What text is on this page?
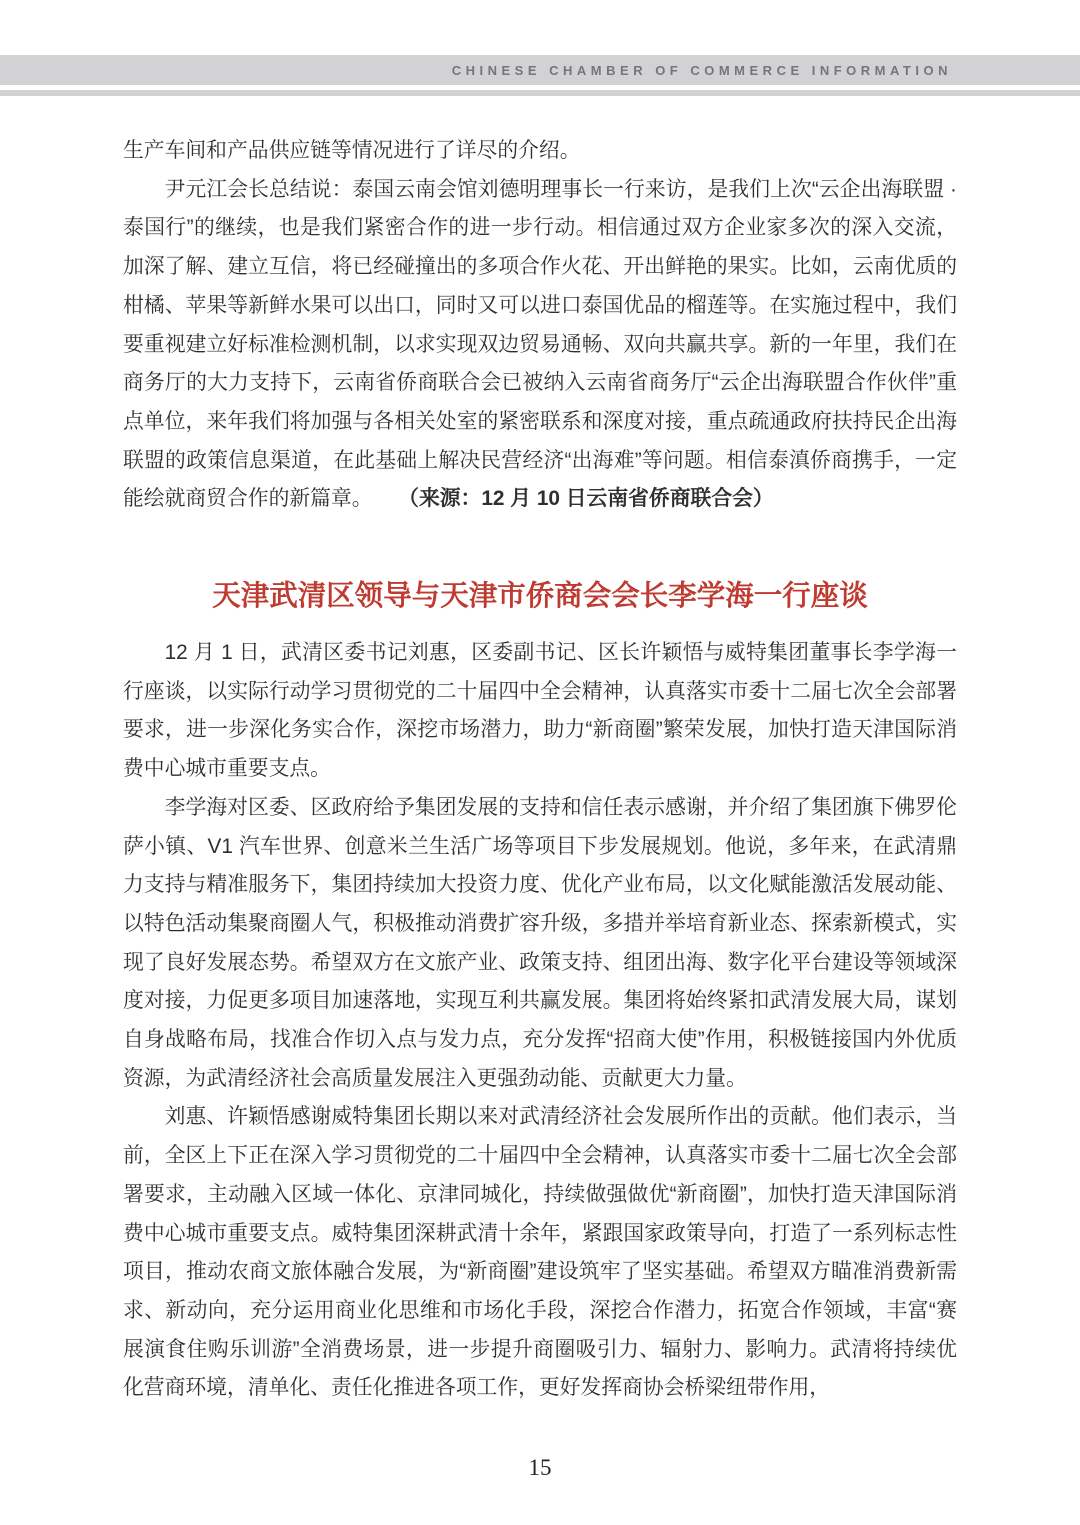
CHINESE CHAMBER OF COMMERCE INFORMATION

生产车间和产品供应链等情况进行了详尽的介绍。

尹元江会长总结说：泰国云南会馆刘德明理事长一行来访，是我们上次“云企出海联盟 · 泰国行”的继续，也是我们紧密合作的进一步行动。相信通过双方企业家多次的深入交流，加深了解、建立互信，将已经碰撞出的多项合作火花、开出鲜艳的果实。比如，云南优质的柑橘、苹果等新鲜水果可以出口，同时又可以进口泰国优品的榴莲等。在实施过程中，我们要重视建立好标准检测机制，以求实现双边贸易通畅、双向共赢共享。新的一年里，我们在商务厅的大力支持下，云南省侨商联合会已被纳入云南省商务厅“云企出海联盟合作伙伴”重点单位，来年我们将加强与各相关处室的紧密联系和深度对接，重点疏通政府扶持民企出海联盟的政策信息渠道，在此基础上解决民营经济“出海难”等问题。相信泰滇侨商携手，一定能绘就商贸合作的新篇章。 （来源：12 月 10 日云南省侨商联合会）

天津武清区领导与天津市侨商会会长李学海一行座谈

12 月 1 日，武清区委书记刘惠，区委副书记、区长许颖悟与威特集团董事长李学海一行座谈，以实际行动学习贯彻党的二十届四中全会精神，认真落实市委十二届七次全会部署要求，进一步深化务实合作，深挖市场潜力，助力“新商圈”繁荣发展，加快打造天津国际消费中心城市重要支点。

李学海对区委、区政府给予集团发展的支持和信任表示感谢，并介绍了集团旗下佛罗伦萨小镇、V1 汽车世界、创意米兰生活广场等项目下步发展规划。他说，多年来，在武清鼎力支持与精准服务下，集团持续加大投资力度、优化产业布局，以文化赋能激活发展动能、以特色活动集聚商圈人气，积极推动消费扩容升级，多措并举培育新业态、探索新模式，实现了良好发展态势。希望双方在文旅产业、政策支持、组团出海、数字化平台建设等领域深度对接，力促更多项目加速落地，实现互利共赢发展。集团将始终紧扣武清发展大局，谋划自身战略布局，找准合作切入点与发力点，充分发挥“招商大使”作用，积极链接国内外优质资源，为武清经济社会高质量发展注入更强劲动能、贡献更大力量。

刘惠、许颖悟感谢威特集团长期以来对武清经济社会发展所作出的贡献。他们表示，当前，全区上下正在深入学习贯彻党的二十届四中全会精神，认真落实市委十二届七次全会部署要求，主动融入区域一体化、京津同城化，持续做强做优“新商圈”，加快打造天津国际消费中心城市重要支点。威特集团深耕武清十余年，紧跟国家政策导向，打造了一系列标志性项目，推动农商文旅体融合发展，为“新商圈”建设筑牢了坚实基础。希望双方瞄准消费新需求、新动向，充分运用商业化思维和市场化手段，深挖合作潜力，拓宽合作领域，丰富“赛展演食住购乐训游”全消费场景，进一步提升商圈吸引力、辐射力、影响力。武清将持续优化营商环境，清单化、责任化推进各项工作，更好发挥商协会桥梁纽带作用，

15
